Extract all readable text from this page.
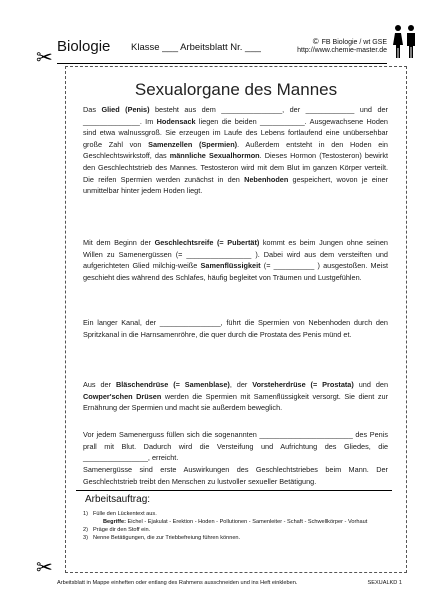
Biologie Klasse ___ Arbeitsblatt Nr. ___
© FB Biologie / wt GSE
http://www.chemie-master.de
✂
✂
Sexualorgane des Mannes
Das Glied (Penis) besteht aus dem _______________, der ____________ und der ______________. Im Hodensack liegen die beiden ___________. Ausgewachsene Hoden sind etwa walnussgroß. Sie erzeugen im Laufe des Lebens fortlaufend eine unübersehbar große Zahl von Samenzellen (Spermien). Außerdem entsteht in den Hoden ein Geschlechtswirkstoff, das männliche Sexualhormon. Dieses Hormon (Testosteron) bewirkt den Geschlechtstrieb des Mannes. Testosteron wird mit dem Blut im ganzen Körper verteilt. Die reifen Spermien werden zunächst in den Nebenhoden gespeichert, wovon je einer unmittelbar hinter jedem Hoden liegt.
Mit dem Beginn der Geschlechtsreife (= Pubertät) kommt es beim Jungen ohne seinen Willen zu Samenergüssen (= ________________ ). Dabei wird aus dem versteiften und aufgerichteten Glied milchig-weiße Samenflüssigkeit (= __________ ) ausgestoßen. Meist geschieht dies während des Schlafes, häufig begleitet von Träumen und Lustgefühlen.
Ein langer Kanal, der _______________, führt die Spermien von Nebenhoden durch den Spritzkanal in die Harnsamenröhre, die quer durch die Prostata des Penis münd et.
Aus der Bläschendrüse (= Samenblase), der Vorsteherdrüse (= Prostata) und den Cowper'schen Drüsen werden die Spermien mit Samenflüssigkeit versorgt. Sie dient zur Ernährung der Spermien und macht sie außerdem beweglich.
Vor jedem Samenerguss füllen sich die sogenannten _______________________ des Penis prall mit Blut. Dadurch wird die Versteifung und Aufrichtung des Gliedes, die ________________, erreicht.
Samenergüsse sind erste Auswirkungen des Geschlechtstriebes beim Mann. Der Geschlechtstrieb treibt den Menschen zu lustvoller sexueller Betätigung.
Arbeitsauftrag:
1) Fülle den Lückentext aus.
Begriffe: Eichel - Ejakulat - Erektion - Hoden - Pollutionen - Samenleiter - Schaft - Schwellkörper - Vorhaut
2) Präge dir den Stoff ein.
3) Nenne Betätigungen, die zur Triebbefreiung führen können.
Arbeitsblatt in Mappe einheften oder entlang des Rahmens ausschneiden und ins Heft einkleben.	SEXUALKD 1
